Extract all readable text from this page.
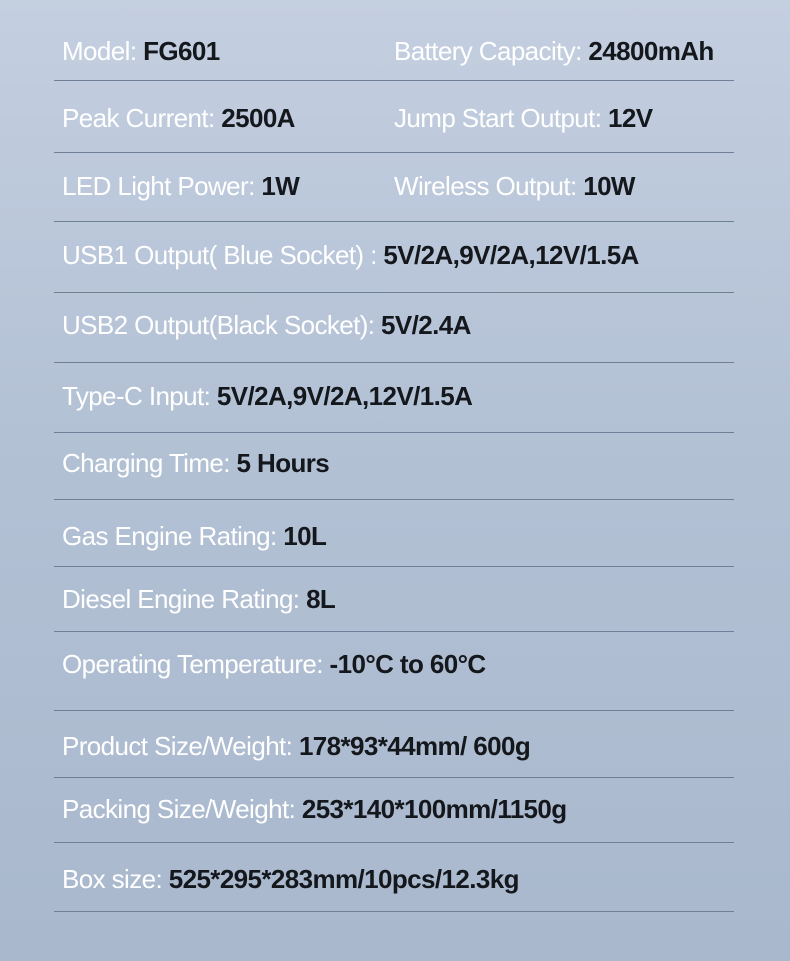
Model: FG601	Battery Capacity: 24800mAh
Peak Current: 2500A	Jump Start Output: 12V
LED Light Power: 1W	Wireless Output: 10W
USB1 Output( Blue Socket) : 5V/2A,9V/2A,12V/1.5A
USB2 Output(Black Socket): 5V/2.4A
Type-C Input: 5V/2A,9V/2A,12V/1.5A
Charging Time: 5 Hours
Gas Engine Rating: 10L
Diesel Engine Rating: 8L
Operating Temperature: -10°C to 60°C
Product Size/Weight: 178*93*44mm/ 600g
Packing Size/Weight: 253*140*100mm/1150g
Box size: 525*295*283mm/10pcs/12.3kg
